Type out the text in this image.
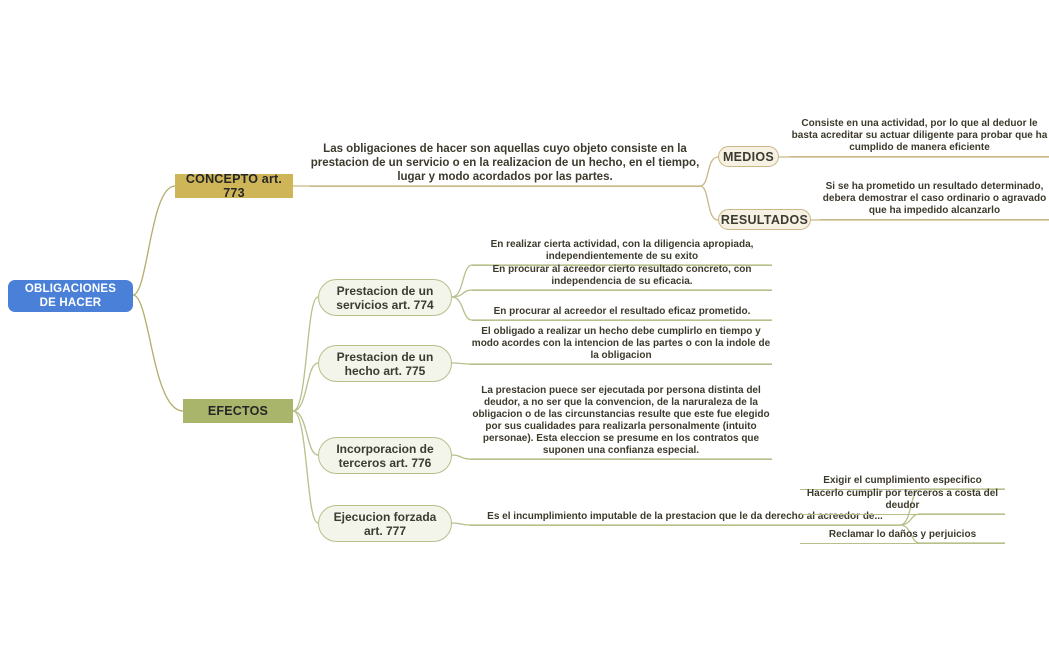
OBLIGACIONES DE HACER
CONCEPTO art. 773
Las obligaciones de hacer son aquellas cuyo objeto consiste en la prestacion de un servicio o en la realizacion de un hecho, en el tiempo, lugar y modo acordados por las partes.
MEDIOS
Consiste en una actividad, por lo que al deduor le basta acreditar su actuar diligente para probar que ha cumplido de manera eficiente
RESULTADOS
Si se ha prometido un resultado determinado, debera demostrar el caso ordinario o agravado que ha impedido alcanzarlo
EFECTOS
Prestacion de un servicios art. 774
En realizar cierta actividad, con la diligencia apropiada, independientemente de su exito
En procurar al acreedor cierto resultado concreto, con independencia de su eficacia.
En procurar al acreedor el resultado eficaz prometido.
Prestacion de un hecho art. 775
El obligado a realizar un hecho debe cumplirlo en tiempo y modo acordes con la intencion de las partes o con la indole de la obligacion
Incorporacion de terceros art. 776
La prestacion puece ser ejecutada por persona distinta del deudor, a no ser que la convencion, de la naruraleza de la obligacion o de las circunstancias resulte que este fue elegido por sus cualidades para realizarla personalmente (intuito personae). Esta eleccion se presume en los contratos que suponen una confianza especial.
Ejecucion forzada art. 777
Es el incumplimiento imputable de la prestacion que le da derecho al acreedor de...
Exigir el cumplimiento especifico
Hacerlo cumplir por terceros a costa del deudor
Reclamar lo daños y perjuicios
